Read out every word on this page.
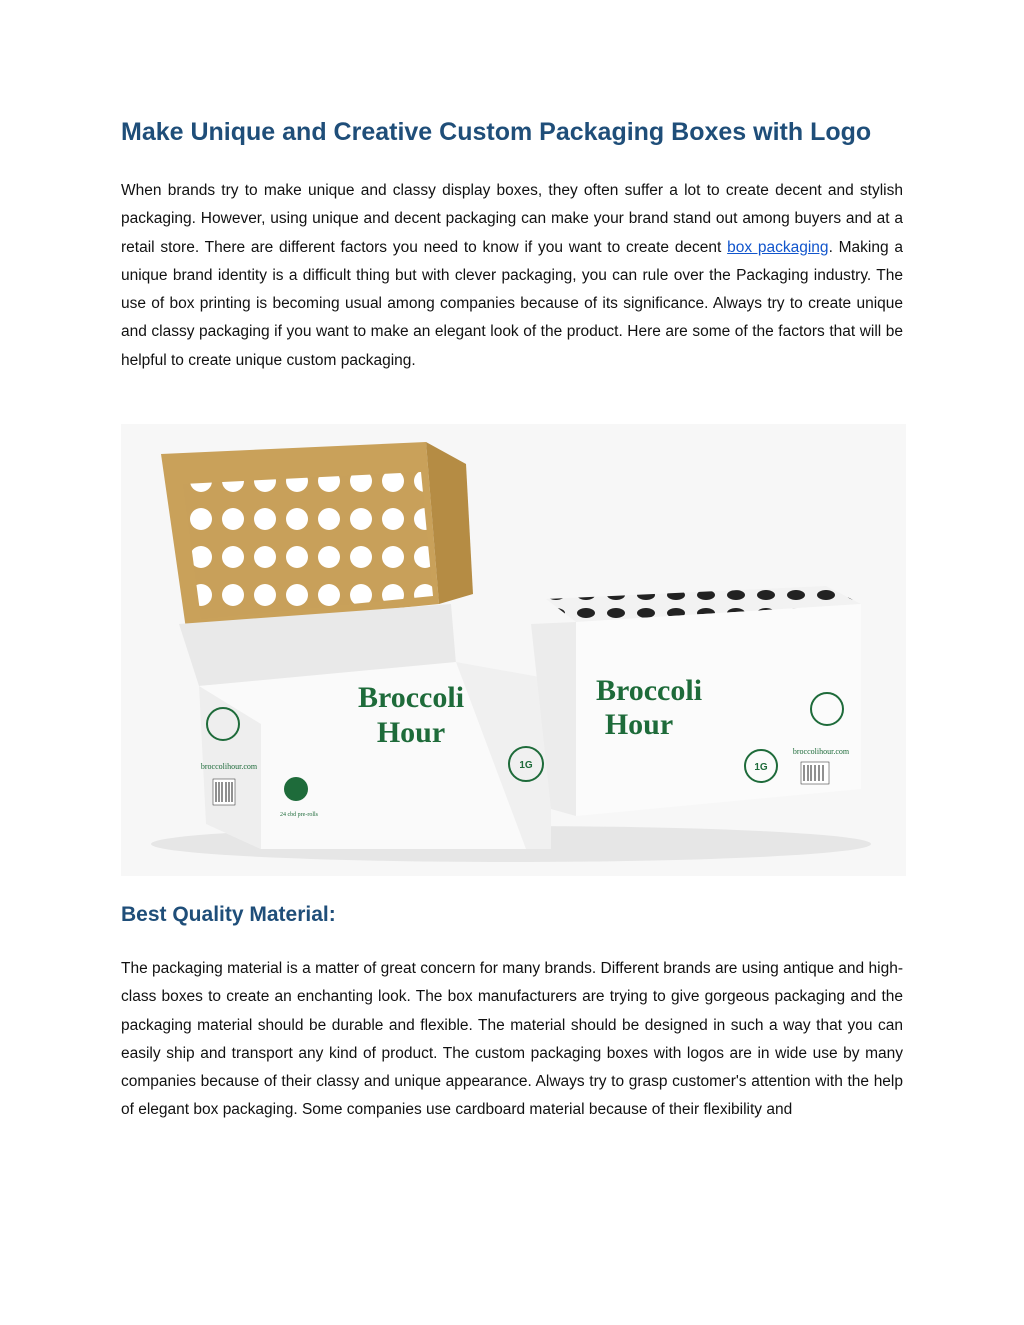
Make Unique and Creative Custom Packaging Boxes with Logo

When brands try to make unique and classy display boxes, they often suffer a lot to create decent and stylish packaging. However, using unique and decent packaging can make your brand stand out among buyers and at a retail store. There are different factors you need to know if you want to create decent box packaging. Making a unique brand identity is a difficult thing but with clever packaging, you can rule over the Packaging industry. The use of box printing is becoming usual among companies because of its significance. Always try to create unique and classy packaging if you want to make an elegant look of the product. Here are some of the factors that will be helpful to create unique custom packaging.

Broccoli
Hour
broccolihour.com
24 cbd pre-rolls
1G
Broccoli
Hour
broccolihour.com
1G
Best Quality Material:

The packaging material is a matter of great concern for many brands. Different brands are using antique and high-class boxes to create an enchanting look. The box manufacturers are trying to give gorgeous packaging and the packaging material should be durable and flexible. The material should be designed in such a way that you can easily ship and transport any kind of product. The custom packaging boxes with logos are in wide use by many companies because of their classy and unique appearance. Always try to grasp customer's attention with the help of elegant box packaging. Some companies use cardboard material because of their flexibility and
